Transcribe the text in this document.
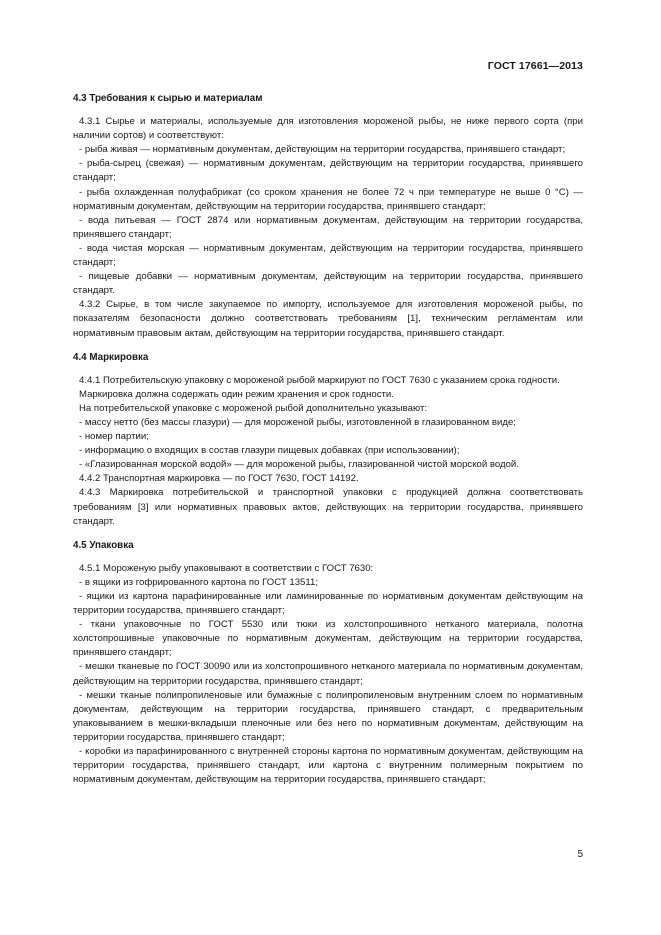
ГОСТ 17661—2013
4.3 Требования к сырью и материалам

4.3.1 Сырье и материалы, используемые для изготовления мороженой рыбы, не ниже первого сорта (при наличии сортов) и соответствуют:

- рыба живая — нормативным документам, действующим на территории государства, принявшего стандарт;

- рыба-сырец (свежая) — нормативным документам, действующим на территории государства, принявшего стандарт;

- рыба охлажденная полуфабрикат (со сроком хранения не более 72 ч при температуре не выше 0 °С) — нормативным документам, действующим на территории государства, принявшего стандарт;

- вода питьевая — ГОСТ 2874 или нормативным документам, действующим на территории государства, принявшего стандарт;

- вода чистая морская — нормативным документам, действующим на территории государства, принявшего стандарт;

- пищевые добавки — нормативным документам, действующим на территории государства, принявшего стандарт.

4.3.2 Сырье, в том числе закупаемое по импорту, используемое для изготовления мороженой рыбы, по показателям безопасности должно соответствовать требованиям [1], техническим регламентам или нормативным правовым актам, действующим на территории государства, принявшего стандарт.

4.4 Маркировка

4.4.1 Потребительскую упаковку с мороженой рыбой маркируют по ГОСТ 7630 с указанием срока годности.

Маркировка должна содержать один режим хранения и срок годности.

На потребительской упаковке с мороженой рыбой дополнительно указывают:

- массу нетто (без массы глазури) — для мороженой рыбы, изготовленной в глазированном виде;

- номер партии;

- информацию о входящих в состав глазури пищевых добавках (при использовании);

- «Глазированная морской водой» — для мороженой рыбы, глазированной чистой морской водой.

4.4.2 Транспортная маркировка — по ГОСТ 7630, ГОСТ 14192.

4.4.3 Маркировка потребительской и транспортной упаковки с продукцией должна соответствовать требованиям [3] или нормативных правовых актов, действующих на территории государства, принявшего стандарт.

4.5 Упаковка

4.5.1 Мороженую рыбу упаковывают в соответствии с ГОСТ 7630:

- в ящики из гофрированного картона по ГОСТ 13511;

- ящики из картона парафинированные или ламинированные по нормативным документам действующим на территории государства, принявшего стандарт;

- ткани упаковочные по ГОСТ 5530 или тюки из холстопрошивного нетканого материала, полотна холстопрошивные упаковочные по нормативным документам, действующим на территории государства, принявшего стандарт;

- мешки тканевые по ГОСТ 30090 или из холстопрошивного нетканого материала по нормативным документам, действующим на территории государства, принявшего стандарт;

- мешки тканые полипропиленовые или бумажные с полипропиленовым внутренним слоем по нормативным документам, действующим на территории государства, принявшего стандарт, с предварительным упаковыванием в мешки-вкладыши пленочные или без него по нормативным документам, действующим на территории государства, принявшего стандарт;

- коробки из парафинированного с внутренней стороны картона по нормативным документам, действующим на территории государства, принявшего стандарт, или картона с внутренним полимерным покрытием по нормативным документам, действующим на территории государства, принявшего стандарт;

5
